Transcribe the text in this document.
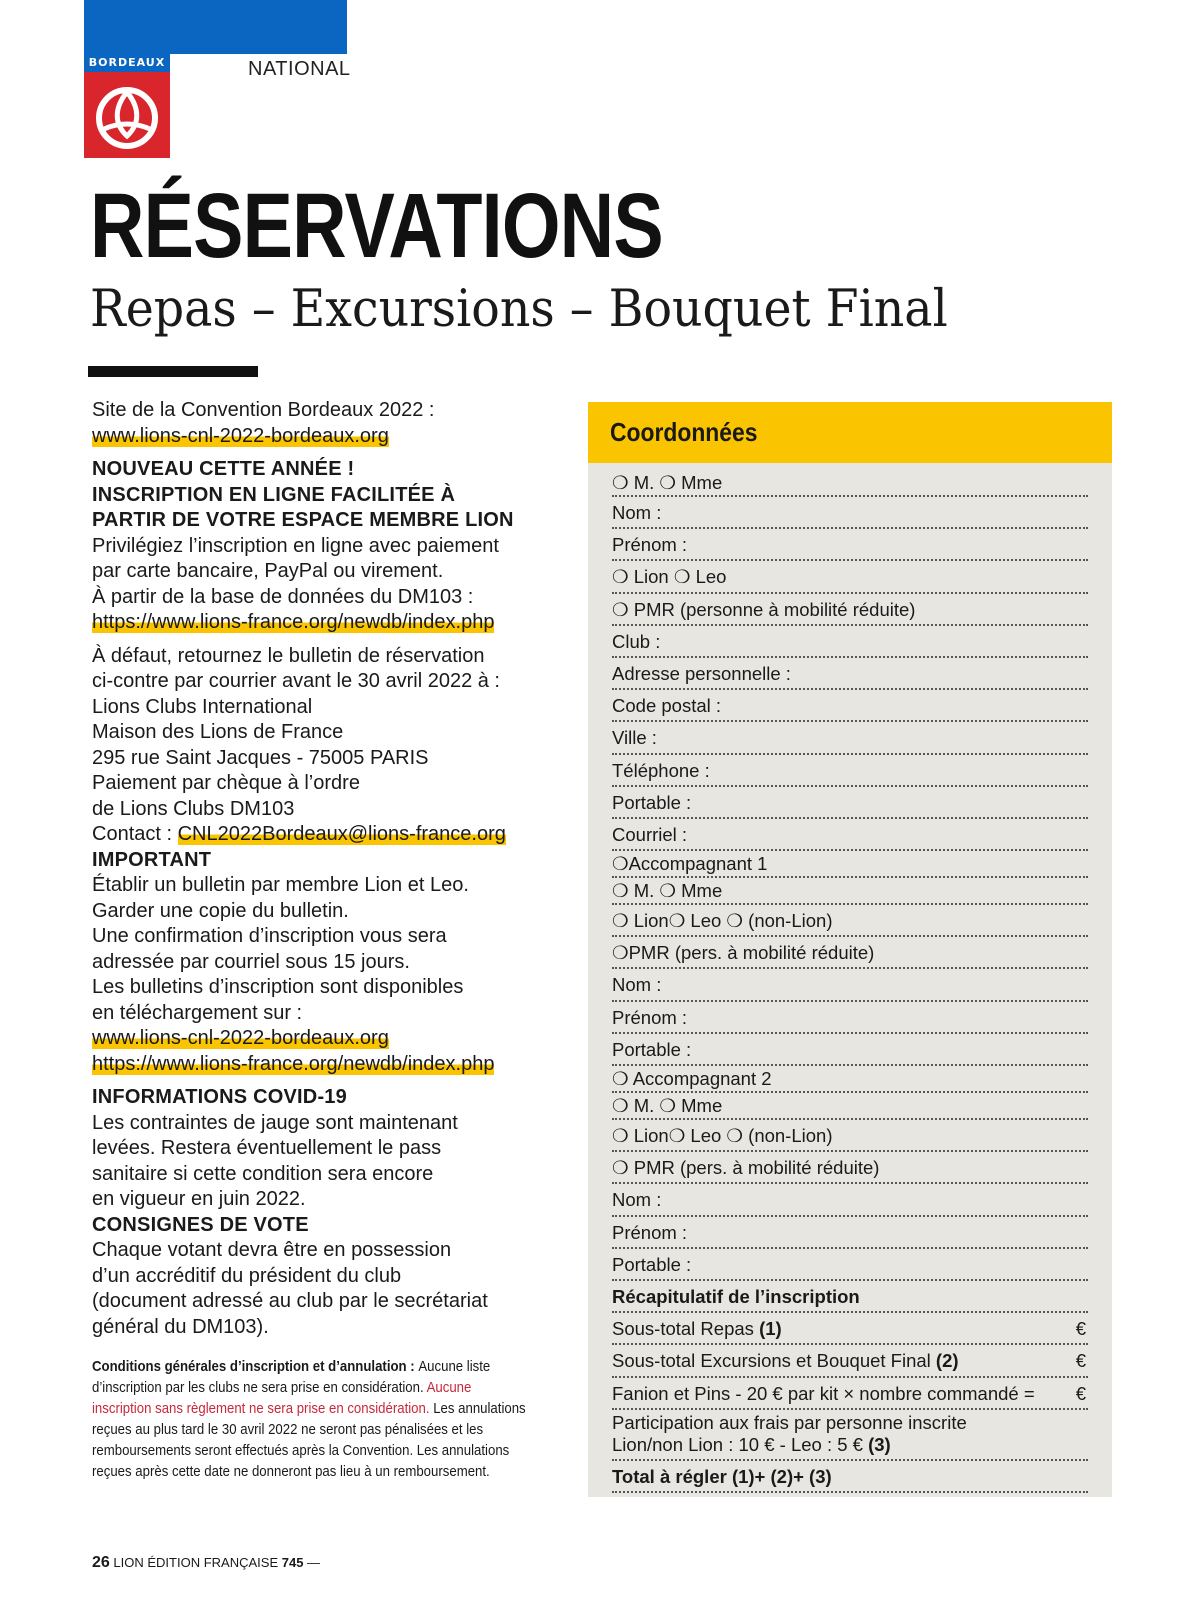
BORDEAUX	NATIONAL
RÉSERVATIONS
Repas – Excursions – Bouquet Final

Site de la Convention Bordeaux 2022 :

www.lions-cnl-2022-bordeaux.org

NOUVEAU CETTE ANNÉE !

INSCRIPTION EN LIGNE FACILITÉE À

PARTIR DE VOTRE ESPACE MEMBRE LION

Privilégiez l’inscription en ligne avec paiement

par carte bancaire, PayPal ou virement.

À partir de la base de données du DM103 :

https://www.lions-france.org/newdb/index.php

À défaut, retournez le bulletin de réservation

ci-contre par courrier avant le 30 avril 2022 à :

Lions Clubs International

Maison des Lions de France

295 rue Saint Jacques - 75005 PARIS

Paiement par chèque à l’ordre

de Lions Clubs DM103

Contact : CNL2022Bordeaux@lions-france.org

IMPORTANT

Établir un bulletin par membre Lion et Leo.

Garder une copie du bulletin.

Une confirmation d’inscription vous sera

adressée par courriel sous 15 jours.

Les bulletins d’inscription sont disponibles

en téléchargement sur :

www.lions-cnl-2022-bordeaux.org

https://www.lions-france.org/newdb/index.php

INFORMATIONS COVID-19

Les contraintes de jauge sont maintenant

levées. Restera éventuellement le pass

sanitaire si cette condition sera encore

en vigueur en juin 2022.

CONSIGNES DE VOTE

Chaque votant devra être en possession

d’un accréditif du président du club

(document adressé au club par le secrétariat

général du DM103).

Conditions générales d’inscription et d’annulation : Aucune liste d’inscription par les clubs ne sera prise en considération. Aucune inscription sans règlement ne sera prise en considération. Les annulations reçues au plus tard le 30 avril 2022 ne seront pas pénalisées et les remboursements seront effectués après la Convention. Les annulations reçues après cette date ne donneront pas lieu à un remboursement.

Coordonnées
❍ M. ❍ Mme
Nom :
Prénom :
❍ Lion ❍ Leo
❍ PMR (personne à mobilité réduite)
Club :
Adresse personnelle :
Code postal :
Ville :
Téléphone :
Portable :
Courriel :
❍Accompagnant 1
❍ M. ❍ Mme
❍ Lion❍ Leo ❍ (non-Lion)
❍PMR (pers. à mobilité réduite)
Nom :
Prénom :
Portable :
❍ Accompagnant 2
❍ M. ❍ Mme
❍ Lion❍ Leo ❍ (non-Lion)
❍ PMR (pers. à mobilité réduite)
Nom :
Prénom :
Portable :
Récapitulatif de l’inscription
Sous-total Repas (1)	€
Sous-total Excursions et Bouquet Final (2)	€
Fanion et Pins - 20 € par kit × nombre commandé = €
Participation aux frais par personne inscrite
Lion/non Lion : 10 € - Leo : 5 € (3)
Total à régler (1)+ (2)+ (3)
26 LION ÉDITION FRANÇAISE 745 —
